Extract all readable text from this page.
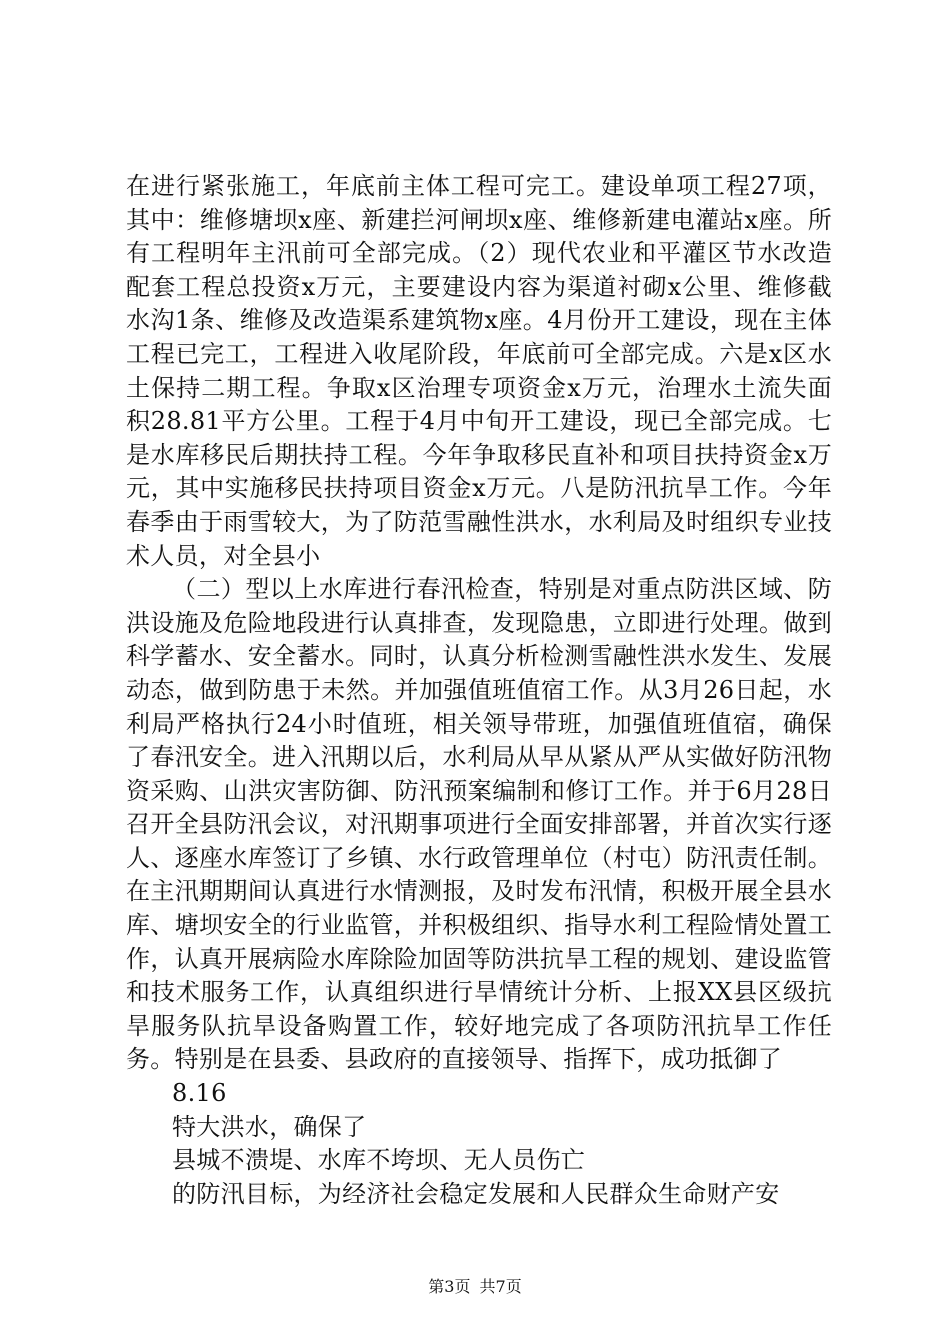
在进行紧张施工，年底前主体工程可完工。建设单项工程27项，其中：维修塘坝x座、新建拦河闸坝x座、维修新建电灌站x座。所有工程明年主汛前可全部完成。（2）现代农业和平灌区节水改造配套工程总投资x万元，主要建设内容为渠道衬砌x公里、维修截水沟1条、维修及改造渠系建筑物x座。4月份开工建设，现在主体工程已完工，工程进入收尾阶段，年底前可全部完成。六是x区水土保持二期工程。争取x区治理专项资金x万元，治理水土流失面积28.81平方公里。工程于4月中旬开工建设，现已全部完成。七是水库移民后期扶持工程。今年争取移民直补和项目扶持资金x万元，其中实施移民扶持项目资金x万元。八是防汛抗旱工作。今年春季由于雨雪较大，为了防范雪融性洪水，水利局及时组织专业技术人员，对全县小

（二）型以上水库进行春汛检查，特别是对重点防洪区域、防洪设施及危险地段进行认真排查，发现隐患，立即进行处理。做到科学蓄水、安全蓄水。同时，认真分析检测雪融性洪水发生、发展动态，做到防患于未然。并加强值班值宿工作。从3月26日起，水利局严格执行24小时值班，相关领导带班，加强值班值宿，确保了春汛安全。进入汛期以后，水利局从早从紧从严从实做好防汛物资采购、山洪灾害防御、防汛预案编制和修订工作。并于6月28日召开全县防汛会议，对汛期事项进行全面安排部署，并首次实行逐人、逐座水库签订了乡镇、水行政管理单位（村屯）防汛责任制。在主汛期期间认真进行水情测报，及时发布汛情，积极开展全县水库、塘坝安全的行业监管，并积极组织、指导水利工程险情处置工作，认真开展病险水库除险加固等防洪抗旱工程的规划、建设监管和技术服务工作，认真组织进行旱情统计分析、上报XX县区级抗旱服务队抗旱设备购置工作，较好地完成了各项防汛抗旱工作任务。特别是在县委、县政府的直接领导、指挥下，成功抵御了

8.16

特大洪水，确保了

县城不溃堤、水库不垮坝、无人员伤亡

的防汛目标，为经济社会稳定发展和人民群众生命财产安

第3页 共7页
